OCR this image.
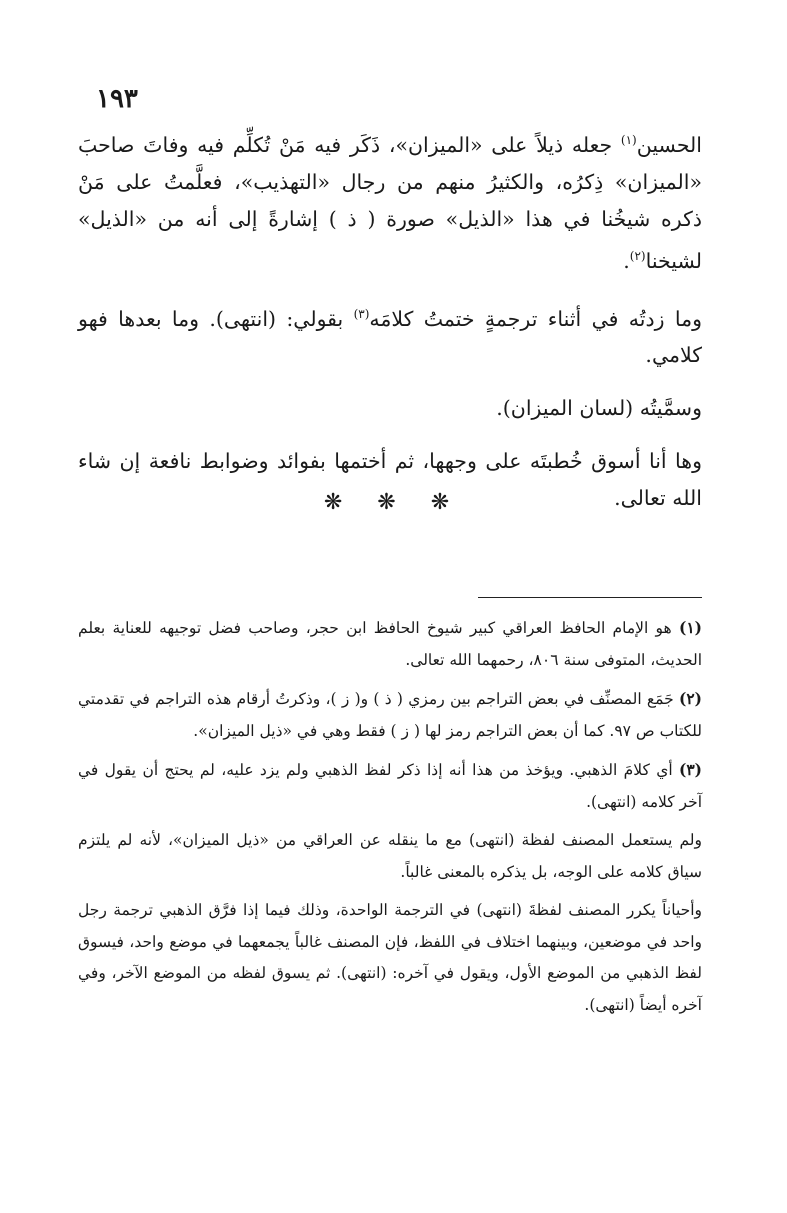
١٩٣

الحسين$^{(١)}$ جعله ذيلاً على «الميزان»، ذَكَر فيه مَنْ تُكلِّم فيه وفاتَ صاحبَ «الميزان» ذِكرُه، والكثيرُ منهم من رجال «التهذيب»، فعلَّمتُ على مَنْ ذكره شيخُنا في هذا «الذيل» صورة ( ذ ) إشارةً إلى أنه من «الذيل» لشيخنا$^{(٢)}$.

وما زدتُه في أثناء ترجمةٍ ختمتُ كلامَه$^{(٣)}$ بقولي: (انتهى). وما بعدها فهو كلامي.

وسمَّيتُه (لسان الميزان).

وها أنا أسوق خُطبتَه على وجهها، ثم أختمها بفوائد وضوابط نافعة إن شاء الله تعالى.

❋ ❋ ❋

(١) هو الإمام الحافظ العراقي كبير شيوخ الحافظ ابن حجر، وصاحب فضل توجيهه للعناية بعلم الحديث، المتوفى سنة ٨٠٦، رحمهما الله تعالى.

(٢) جَمَع المصنِّف في بعض التراجم بين رمزي ( ذ ) و( ز )، وذكرتُ أرقام هذه التراجم في تقدمتي للكتاب ص ٩٧. كما أن بعض التراجم رمز لها ( ز ) فقط وهي في «ذيل الميزان».

(٣) أي كلامَ الذهبي. ويؤخذ من هذا أنه إذا ذكر لفظ الذهبي ولم يزد عليه، لم يحتج أن يقول في آخر كلامه (انتهى).

ولم يستعمل المصنف لفظة (انتهى) مع ما ينقله عن العراقي من «ذيل الميزان»، لأنه لم يلتزم سياق كلامه على الوجه، بل يذكره بالمعنى غالباً.

وأحياناً يكرر المصنف لفظةَ (انتهى) في الترجمة الواحدة، وذلك فيما إذا فرَّق الذهبي ترجمة رجل واحد في موضعين، وبينهما اختلاف في اللفظ، فإن المصنف غالباً يجمعهما في موضع واحد، فيسوق لفظ الذهبي من الموضع الأول، ويقول في آخره: (انتهى). ثم يسوق لفظه من الموضع الآخر، وفي آخره أيضاً (انتهى).
